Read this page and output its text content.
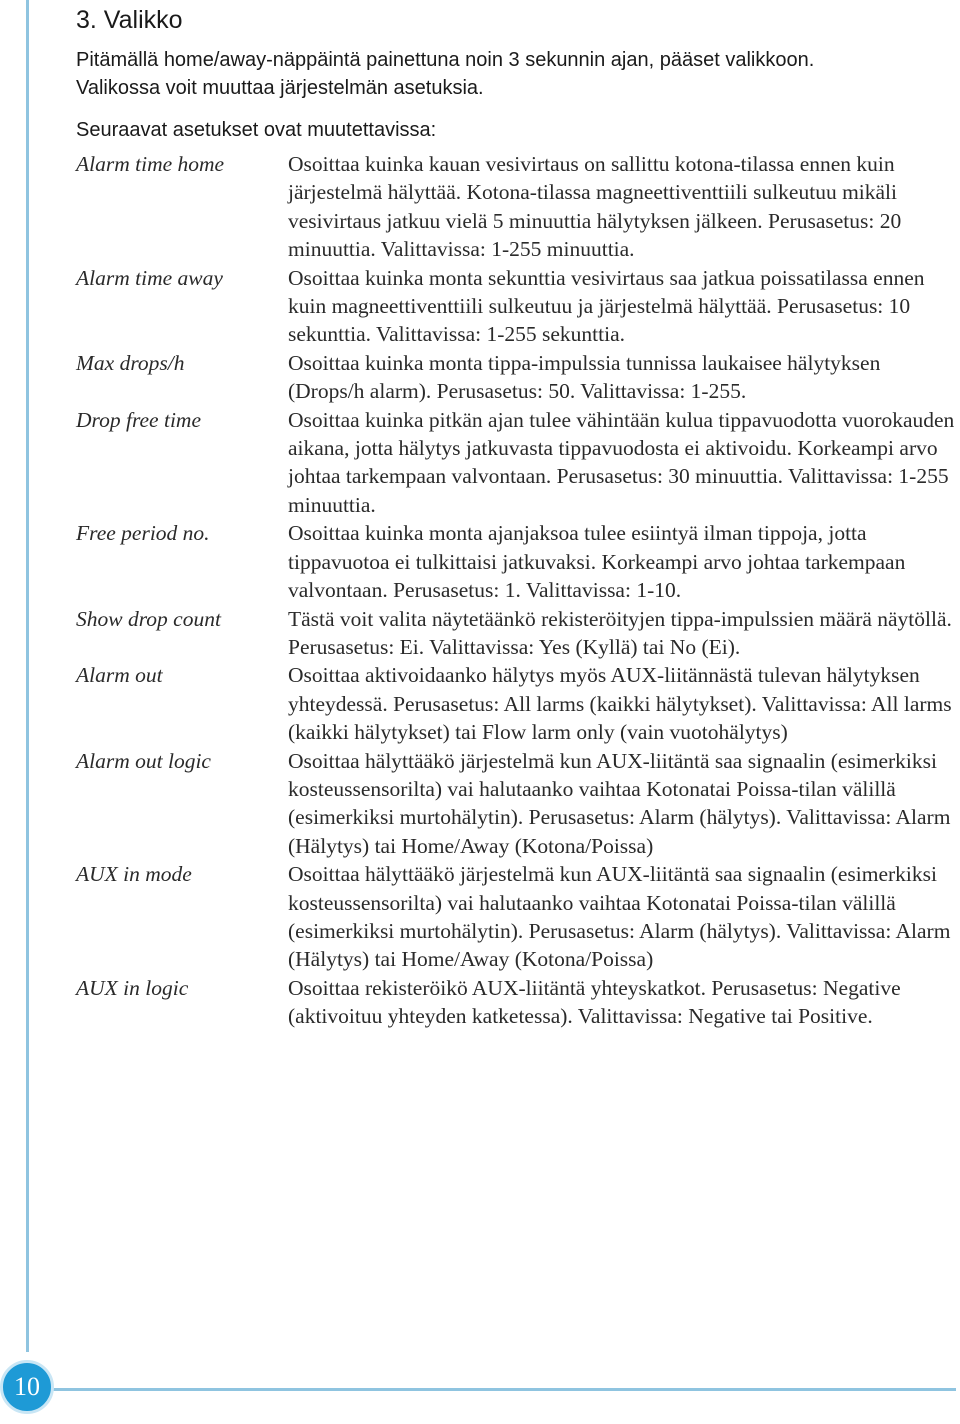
10
3. Valikko

Pitämällä home/away-näppäintä painettuna noin 3 sekunnin ajan, pääset valikkoon.

Valikossa voit muuttaa järjestelmän asetuksia.

Seuraavat asetukset ovat muutettavissa:
Alarm time home	Osoittaa kuinka kauan vesivirtaus on sallittu kotona-tilassa ennen kuin järjestelmä hälyttää. Kotona-tilassa magneettiventtiili sulkeutuu mikäli vesivirtaus jatkuu vielä 5 minuuttia hälytyksen jälkeen. Perusasetus: 20 minuuttia. Valittavissa: 1-255 minuuttia.
Alarm time away	Osoittaa kuinka monta sekunttia vesivirtaus saa jatkua poissatilassa ennen kuin magneettiventtiili sulkeutuu ja järjestelmä hälyttää. Perusasetus: 10 sekunttia. Valittavissa: 1-255 sekunttia.
Max drops/h	Osoittaa kuinka monta tippa-impulssia tunnissa laukaisee hälytyksen (Drops/h alarm). Perusasetus: 50. Valittavissa: 1-255.
Drop free time	Osoittaa kuinka pitkän ajan tulee vähintään kulua tippavuodotta vuorokauden aikana, jotta hälytys jatkuvasta tippavuodosta ei aktivoidu. Korkeampi arvo johtaa tarkempaan valvontaan. Perusasetus: 30 minuuttia. Valittavissa: 1-255 minuuttia.
Free period no.	Osoittaa kuinka monta ajanjaksoa tulee esiintyä ilman tippoja, jotta tippavuotoa ei tulkittaisi jatkuvaksi. Korkeampi arvo johtaa tarkempaan valvontaan. Perusasetus: 1. Valittavissa: 1-10.
Show drop count	Tästä voit valita näytetäänkö rekisteröityjen tippa-impulssien määrä näytöllä. Perusasetus: Ei. Valittavissa: Yes (Kyllä) tai No (Ei).
Alarm out	Osoittaa aktivoidaanko hälytys myös AUX-liitännästä tulevan hälytyksen yhteydessä. Perusasetus: All larms (kaikki hälytykset). Valittavissa: All larms (kaikki hälytykset) tai Flow larm only (vain vuotohälytys)
Alarm out logic	Osoittaa hälyttääkö järjestelmä kun AUX-liitäntä saa signaalin (esimerkiksi kosteussensorilta) vai halutaanko vaihtaa Kotonatai Poissa-tilan välillä (esimerkiksi murtohälytin). Perusasetus: Alarm (hälytys). Valittavissa: Alarm (Hälytys) tai Home/Away (Kotona/Poissa)
AUX in mode	Osoittaa hälyttääkö järjestelmä kun AUX-liitäntä saa signaalin (esimerkiksi kosteussensorilta) vai halutaanko vaihtaa Kotonatai Poissa-tilan välillä (esimerkiksi murtohälytin). Perusasetus: Alarm (hälytys). Valittavissa: Alarm (Hälytys) tai Home/Away (Kotona/Poissa)
AUX in logic	Osoittaa rekisteröikö AUX-liitäntä yhteyskatkot. Perusasetus: Negative (aktivoituu yhteyden katketessa). Valittavissa: Negative tai Positive.
